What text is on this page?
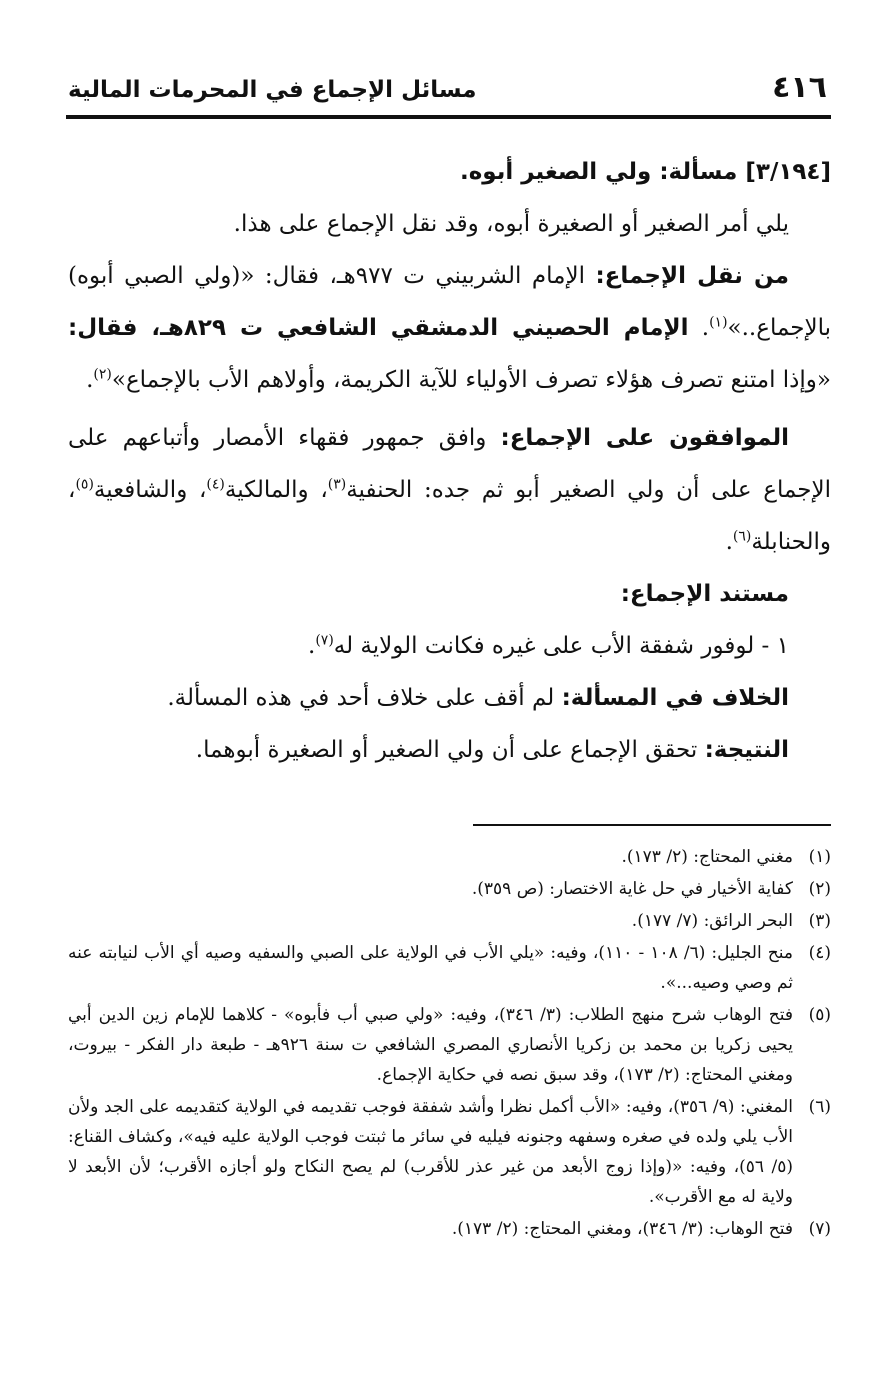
٤١٦
مسائل الإجماع في المحرمات المالية

[٣/١٩٤] مسألة: ولي الصغير أبوه.

يلي أمر الصغير أو الصغيرة أبوه، وقد نقل الإجماع على هذا.

من نقل الإجماع: الإمام الشربيني ت ٩٧٧هـ، فقال: «(ولي الصبي أبوه) بالإجماع..»$^{(١)}$. الإمام الحصيني الدمشقي الشافعي ت ٨٢٩هـ، فقال: «وإذا امتنع تصرف هؤلاء تصرف الأولياء للآية الكريمة، وأولاهم الأب بالإجماع»$^{(٢)}$.

الموافقون على الإجماع: وافق جمهور فقهاء الأمصار وأتباعهم على الإجماع على أن ولي الصغير أبو ثم جده: الحنفية$^{(٣)}$، والمالكية$^{(٤)}$، والشافعية$^{(٥)}$، والحنابلة$^{(٦)}$.

مستند الإجماع:

١ - لوفور شفقة الأب على غيره فكانت الولاية له$^{(٧)}$.

الخلاف في المسألة: لم أقف على خلاف أحد في هذه المسألة.

النتيجة: تحقق الإجماع على أن ولي الصغير أو الصغيرة أبوهما.

(١)
مغني المحتاج: (٢/ ١٧٣).
(٢)
كفاية الأخيار في حل غاية الاختصار: (ص ٣٥٩).
(٣)
البحر الرائق: (٧/ ١٧٧).
(٤)
منح الجليل: (٦/ ١٠٨ - ١١٠)، وفيه: «يلي الأب في الولاية على الصبي والسفيه وصيه أي الأب لنيابته عنه ثم وصي وصيه...».
(٥)
فتح الوهاب شرح منهج الطلاب: (٣/ ٣٤٦)، وفيه: «ولي صبي أب فأبوه» - كلاهما للإمام زين الدين أبي يحيى زكريا بن محمد بن زكريا الأنصاري المصري الشافعي ت سنة ٩٢٦هـ - طبعة دار الفكر - بيروت، ومغني المحتاج: (٢/ ١٧٣)، وقد سبق نصه في حكاية الإجماع.
(٦)
المغني: (٩/ ٣٥٦)، وفيه: «الأب أكمل نظرا وأشد شفقة فوجب تقديمه في الولاية كتقديمه على الجد ولأن الأب يلي ولده في صغره وسفهه وجنونه فيليه في سائر ما ثبتت فوجب الولاية عليه فيه»، وكشاف القناع: (٥/ ٥٦)، وفيه: «(وإذا زوج الأبعد من غير عذر للأقرب) لم يصح النكاح ولو أجازه الأقرب؛ لأن الأبعد لا ولاية له مع الأقرب».
(٧)
فتح الوهاب: (٣/ ٣٤٦)، ومغني المحتاج: (٢/ ١٧٣).
